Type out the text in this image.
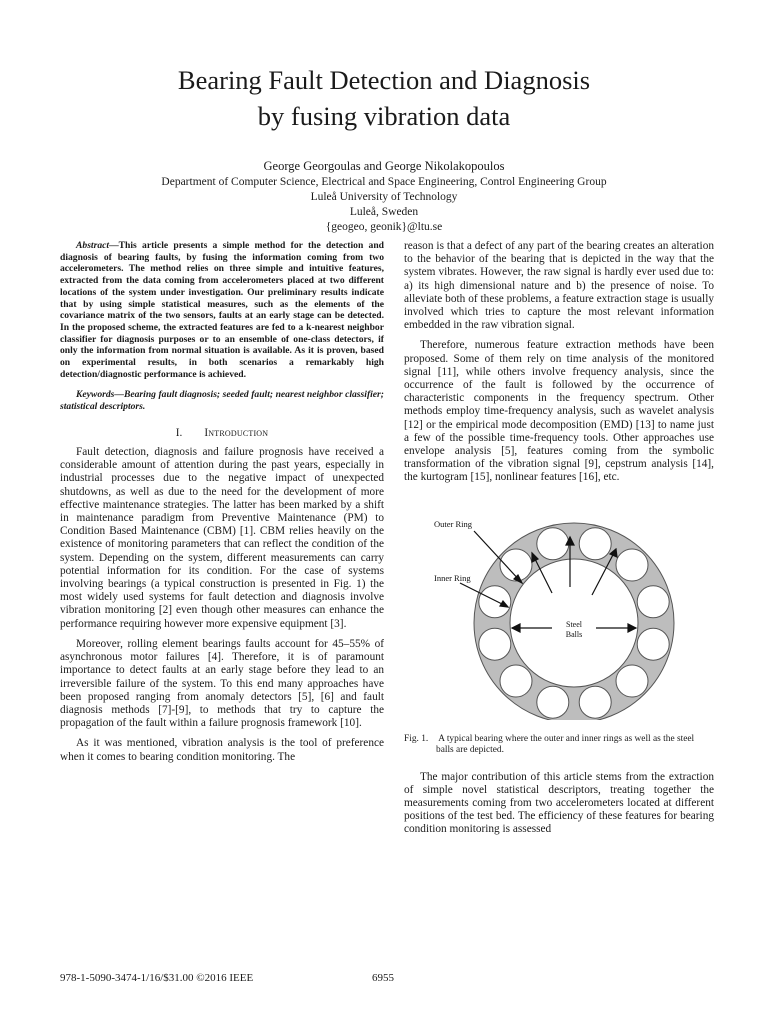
Bearing Fault Detection and Diagnosis
by fusing vibration data
George Georgoulas and George Nikolakopoulos
Department of Computer Science, Electrical and Space Engineering, Control Engineering Group
Luleå University of Technology
Luleå, Sweden
{geogeo, geonik}@ltu.se

Abstract—This article presents a simple method for the detection and diagnosis of bearing faults, by fusing the information coming from two accelerometers. The method relies on three simple and intuitive features, extracted from the data coming from accelerometers placed at two different locations of the system under investigation. Our preliminary results indicate that by using simple statistical measures, such as the elements of the covariance matrix of the two sensors, faults at an early stage can be detected. In the proposed scheme, the extracted features are fed to a k-nearest neighbor classifier for diagnosis purposes or to an ensemble of one-class detectors, if only the information from normal situation is available. As it is proven, based on experimental results, in both scenarios a remarkably high detection/diagnostic performance is achieved.

Keywords—Bearing fault diagnosis; seeded fault; nearest neighbor classifier; statistical descriptors.

I. Introduction

Fault detection, diagnosis and failure prognosis have received a considerable amount of attention during the past years, especially in industrial processes due to the negative impact of unexpected shutdowns, as well as due to the need for the development of more effective maintenance strategies. The latter has been marked by a shift in maintenance paradigm from Preventive Maintenance (PM) to Condition Based Maintenance (CBM) [1]. CBM relies heavily on the existence of monitoring parameters that can reflect the condition of the system. Depending on the system, different measurements can carry potential information for its condition. For the case of systems involving bearings (a typical construction is presented in Fig. 1) the most widely used systems for fault detection and diagnosis involve vibration monitoring [2] even though other measures can enhance the performance requiring however more expensive equipment [3].

Moreover, rolling element bearings faults account for 45–55% of asynchronous motor failures [4]. Therefore, it is of paramount importance to detect faults at an early stage before they lead to an irreversible failure of the system. To this end many approaches have been proposed ranging from anomaly detectors [5], [6] and fault diagnosis methods [7]-[9], to methods that try to capture the propagation of the fault within a failure prognosis framework [10].

As it was mentioned, vibration analysis is the tool of preference when it comes to bearing condition monitoring. The

reason is that a defect of any part of the bearing creates an alteration to the behavior of the bearing that is depicted in the way that the system vibrates. However, the raw signal is hardly ever used due to: a) its high dimensional nature and b) the presence of noise. To alleviate both of these problems, a feature extraction stage is usually involved which tries to capture the most relevant information embedded in the raw vibration signal.

Therefore, numerous feature extraction methods have been proposed. Some of them rely on time analysis of the monitored signal [11], while others involve frequency analysis, since the occurrence of the fault is followed by the occurrence of characteristic components in the frequency spectrum. Other methods employ time-frequency analysis, such as wavelet analysis [12] or the empirical mode decomposition (EMD) [13] to name just a few of the possible time-frequency tools. Other approaches use envelope analysis [5], features coming from the symbolic transformation of the vibration signal [9], cepstrum analysis [14], the kurtogram [15], nonlinear features [16], etc.

Outer Ring
Inner Ring
Steel
Balls
Fig. 1. A typical bearing where the outer and inner rings as well as the steel
balls are depicted.

The major contribution of this article stems from the extraction of simple novel statistical descriptors, treating together the measurements coming from two accelerometers located at different positions of the test bed. The efficiency of these features for bearing condition monitoring is assessed

978-1-5090-3474-1/16/$31.00 ©2016 IEEE	6955
